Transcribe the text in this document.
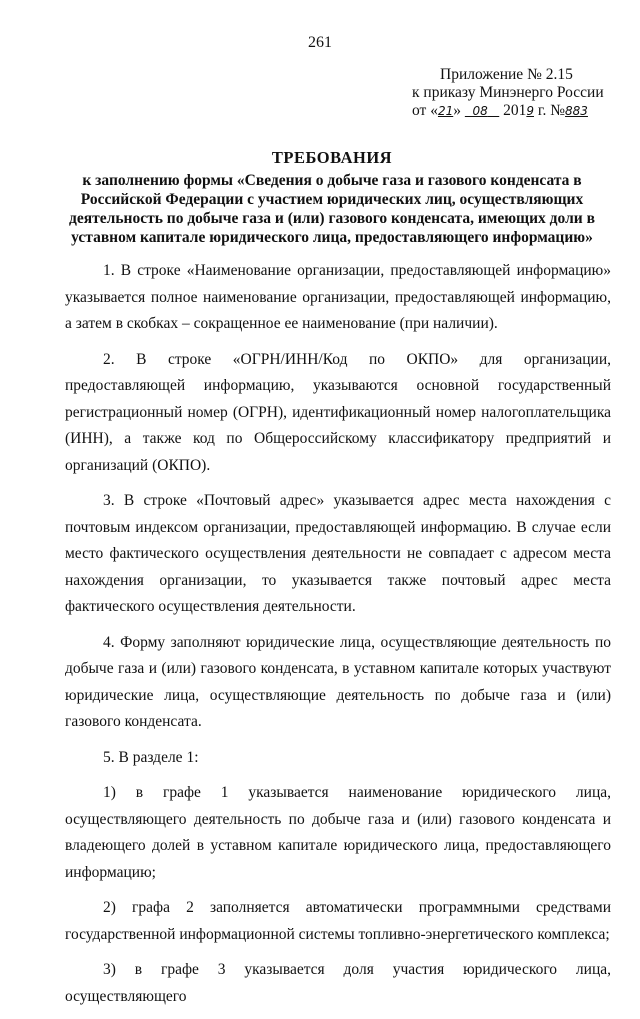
261
Приложение № 2.15
к приказу Минэнерго России
от «21» 08 2019 г. №883
ТРЕБОВАНИЯ
к заполнению формы «Сведения о добыче газа и газового конденсата в Российской Федерации с участием юридических лиц, осуществляющих деятельность по добыче газа и (или) газового конденсата, имеющих доли в уставном капитале юридического лица, предоставляющего информацию»

1. В строке «Наименование организации, предоставляющей информацию» указывается полное наименование организации, предоставляющей информацию, а затем в скобках – сокращенное ее наименование (при наличии).

2. В строке «ОГРН/ИНН/Код по ОКПО» для организации, предоставляющей информацию, указываются основной государственный регистрационный номер (ОГРН), идентификационный номер налогоплательщика (ИНН), а также код по Общероссийскому классификатору предприятий и организаций (ОКПО).

3. В строке «Почтовый адрес» указывается адрес места нахождения с почтовым индексом организации, предоставляющей информацию. В случае если место фактического осуществления деятельности не совпадает с адресом места нахождения организации, то указывается также почтовый адрес места фактического осуществления деятельности.

4. Форму заполняют юридические лица, осуществляющие деятельность по добыче газа и (или) газового конденсата, в уставном капитале которых участвуют юридические лица, осуществляющие деятельность по добыче газа и (или) газового конденсата.

5. В разделе 1:

1) в графе 1 указывается наименование юридического лица, осуществляющего деятельность по добыче газа и (или) газового конденсата и владеющего долей в уставном капитале юридического лица, предоставляющего информацию;

2) графа 2 заполняется автоматически программными средствами государственной информационной системы топливно-энергетического комплекса;

3) в графе 3 указывается доля участия юридического лица, осуществляющего
